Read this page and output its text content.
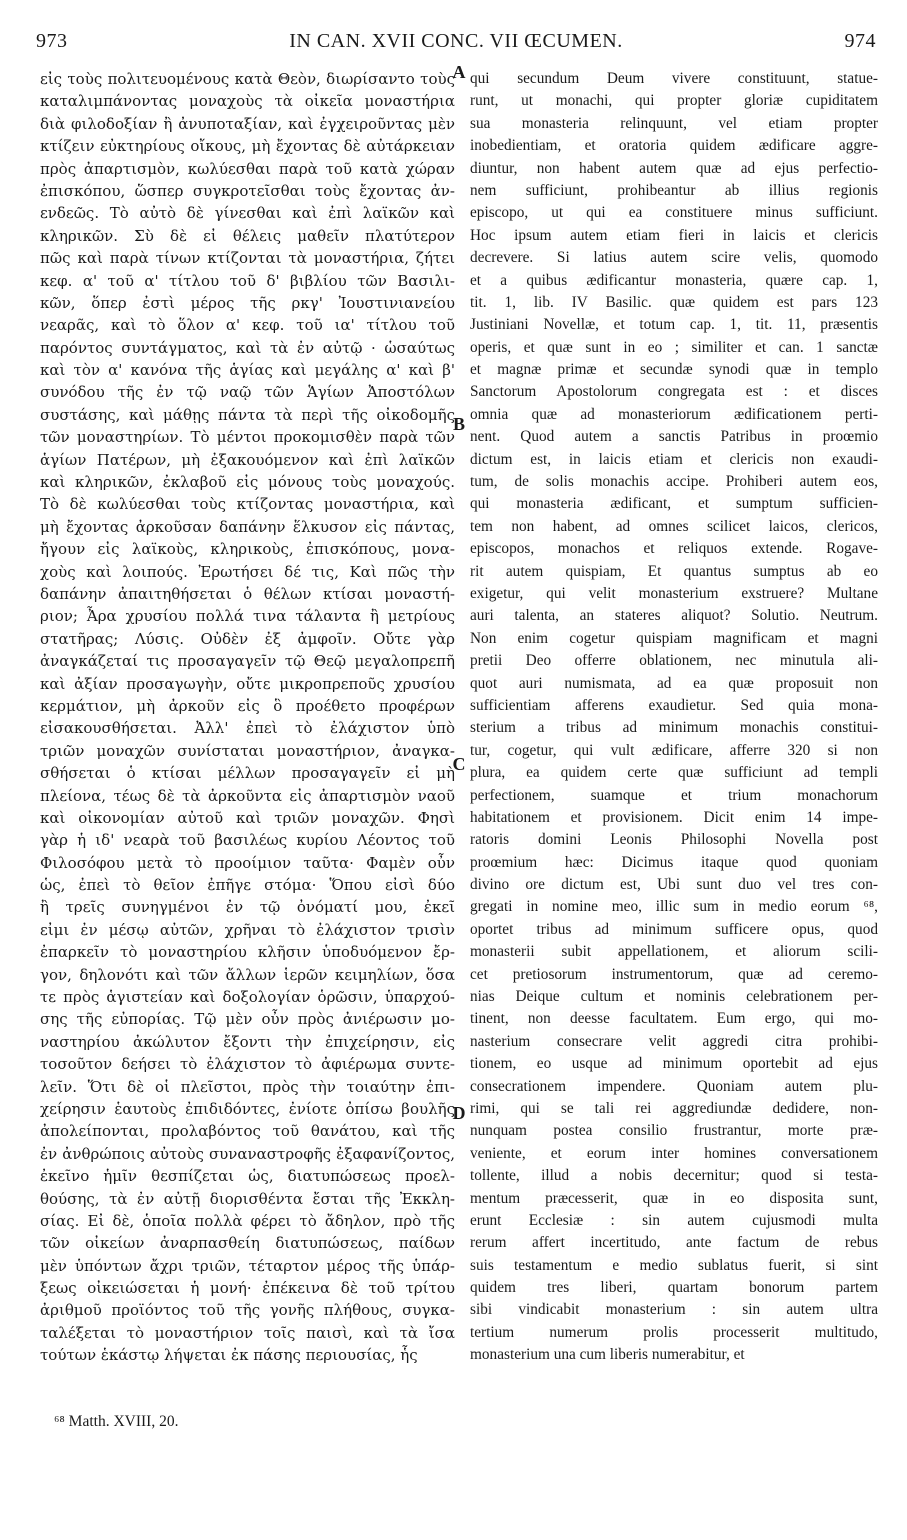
973	IN CAN. XVII CONC. VII ŒCUMEN.	974
A
B
C
D
εἰς τοὺς πολιτευομένους κατὰ Θεὸν, διωρίσαντο τοὺς
καταλιμπάνοντας μοναχοὺς τὰ οἰκεῖα μοναστήρια
διὰ φιλοδοξίαν ἢ ἀνυποταξίαν, καὶ ἐγχειροῦντας μὲν
κτίζειν εὐκτηρίους οἴκους, μὴ ἔχοντας δὲ αὐτάρκειαν
πρὸς ἀπαρτισμὸν, κωλύεσθαι παρὰ τοῦ κατὰ χώραν
ἐπισκόπου, ὥσπερ συγκροτεῖσθαι τοὺς ἔχοντας ἀν-
ενδεῶς. Τὸ αὐτὸ δὲ γίνεσθαι καὶ ἐπὶ λαϊκῶν καὶ
κληρικῶν. Σὺ δὲ εἰ θέλεις μαθεῖν πλατύτερον
πῶς καὶ παρὰ τίνων κτίζονται τὰ μοναστήρια, ζήτει
κεφ. α' τοῦ α' τίτλου τοῦ δ' βιβλίου τῶν Βασιλι-
κῶν, ὅπερ ἐστὶ μέρος τῆς ρκγ' Ἰουστινιανείου
νεαρᾶς, καὶ τὸ ὅλον α' κεφ. τοῦ ια' τίτλου τοῦ
παρόντος συντάγματος, καὶ τὰ ἐν αὐτῷ · ὡσαύτως
καὶ τὸν α' κανόνα τῆς ἁγίας καὶ μεγάλης α' καὶ β'
συνόδου τῆς ἐν τῷ ναῷ τῶν Ἁγίων Ἀποστόλων
συστάσης, καὶ μάθῃς πάντα τὰ περὶ τῆς οἰκοδομῆς
τῶν μοναστηρίων. Τὸ μέντοι προκομισθὲν παρὰ τῶν
ἁγίων Πατέρων, μὴ ἐξακουόμενον καὶ ἐπὶ λαϊκῶν
καὶ κληρικῶν, ἐκλαβοῦ εἰς μόνους τοὺς μοναχούς.
Τὸ δὲ κωλύεσθαι τοὺς κτίζοντας μοναστήρια, καὶ
μὴ ἔχοντας ἀρκοῦσαν δαπάνην ἕλκυσον εἰς πάντας,
ἤγουν εἰς λαϊκοὺς, κληρικοὺς, ἐπισκόπους, μονα-
χοὺς καὶ λοιπούς. Ἐρωτήσει δέ τις, Καὶ πῶς τὴν
δαπάνην ἀπαιτηθήσεται ὁ θέλων κτίσαι μοναστή-
ριον; Ἆρα χρυσίου πολλά τινα τάλαντα ἢ μετρίους
στατῆρας; Λύσις. Οὐδὲν ἐξ ἀμφοῖν. Οὔτε γὰρ
ἀναγκάζεταί τις προσαγαγεῖν τῷ Θεῷ μεγαλοπρεπῆ
καὶ ἀξίαν προσαγωγὴν, οὔτε μικροπρεποῦς χρυσίου
κερμάτιον, μὴ ἀρκοῦν εἰς ὃ προέθετο προφέρων
εἰσακουσθήσεται. Ἀλλ' ἐπεὶ τὸ ἐλάχιστον ὑπὸ
τριῶν μοναχῶν συνίσταται μοναστήριον, ἀναγκα-
σθήσεται ὁ κτίσαι μέλλων προσαγαγεῖν εἰ μὴ
πλείονα, τέως δὲ τὰ ἀρκοῦντα εἰς ἀπαρτισμὸν ναοῦ
καὶ οἰκονομίαν αὐτοῦ καὶ τριῶν μοναχῶν. Φησὶ
γὰρ ἡ ιδ' νεαρὰ τοῦ βασιλέως κυρίου Λέοντος τοῦ
Φιλοσόφου μετὰ τὸ προοίμιον ταῦτα· Φαμὲν οὖν
ὡς, ἐπεὶ τὸ θεῖον ἐπῆγε στόμα· Ὅπου εἰσὶ δύο
ἢ τρεῖς συνηγμένοι ἐν τῷ ὀνόματί μου, ἐκεῖ
εἰμι ἐν μέσῳ αὐτῶν, χρῆναι τὸ ἐλάχιστον τρισὶν
ἐπαρκεῖν τὸ μοναστηρίου κλῆσιν ὑποδυόμενον ἔρ-
γον, δηλονότι καὶ τῶν ἄλλων ἱερῶν κειμηλίων, ὅσα
τε πρὸς ἁγιστείαν καὶ δοξολογίαν ὁρῶσιν, ὑπαρχού-
σης τῆς εὐπορίας. Τῷ μὲν οὖν πρὸς ἀνιέρωσιν μο-
ναστηρίου ἀκώλυτον ἔξοντι τὴν ἐπιχείρησιν, εἰς
τοσοῦτον δεήσει τὸ ἐλάχιστον τὸ ἀφιέρωμα συντε-
λεῖν. Ὅτι δὲ οἱ πλεῖστοι, πρὸς τὴν τοιαύτην ἐπι-
χείρησιν ἑαυτοὺς ἐπιδιδόντες, ἐνίοτε ὀπίσω βουλῆς
ἀπολείπονται, προλαβόντος τοῦ θανάτου, καὶ τῆς
ἐν ἀνθρώποις αὐτοὺς συναναστροφῆς ἐξαφανίζοντος,
ἐκεῖνο ἡμῖν θεσπίζεται ὡς, διατυπώσεως προελ-
θούσης, τὰ ἐν αὐτῇ διορισθέντα ἔσται τῆς Ἐκκλη-
σίας. Εἰ δὲ, ὁποῖα πολλὰ φέρει τὸ ἄδηλον, πρὸ τῆς
τῶν οἰκείων ἀναρπασθείη διατυπώσεως, παίδων
μὲν ὑπόντων ἄχρι τριῶν, τέταρτον μέρος τῆς ὑπάρ-
ξεως οἰκειώσεται ἡ μονή· ἐπέκεινα δὲ τοῦ τρίτου
ἀριθμοῦ προϊόντος τοῦ τῆς γονῆς πλήθους, συγκα-
ταλέξεται τὸ μοναστήριον τοῖς παισὶ, καὶ τὰ ἴσα
τούτων ἑκάστῳ λήψεται ἐκ πάσης περιουσίας, ἧς
qui secundum Deum vivere constituunt, statue-
runt, ut monachi, qui propter gloriæ cupiditatem
sua monasteria relinquunt, vel etiam propter
inobedientiam, et oratoria quidem ædificare aggre-
diuntur, non habent autem quæ ad ejus perfectio-
nem sufficiunt, prohibeantur ab illius regionis
episcopo, ut qui ea constituere minus sufficiunt.
Hoc ipsum autem etiam fieri in laicis et clericis
decrevere. Si latius autem scire velis, quomodo
et a quibus ædificantur monasteria, quære cap. 1,
tit. 1, lib. IV Basilic. quæ quidem est pars 123
Justiniani Novellæ, et totum cap. 1, tit. 11, præsentis
operis, et quæ sunt in eo ; similiter et can. 1 sanctæ
et magnæ primæ et secundæ synodi quæ in templo
Sanctorum Apostolorum congregata est : et disces
omnia quæ ad monasteriorum ædificationem perti-
nent. Quod autem a sanctis Patribus in proœmio
dictum est, in laicis etiam et clericis non exaudi-
tum, de solis monachis accipe. Prohiberi autem eos,
qui monasteria ædificant, et sumptum sufficien-
tem non habent, ad omnes scilicet laicos, clericos,
episcopos, monachos et reliquos extende. Rogave-
rit autem quispiam, Et quantus sumptus ab eo
exigetur, qui velit monasterium exstruere? Multane
auri talenta, an stateres aliquot? Solutio. Neutrum.
Non enim cogetur quispiam magnificam et magni
pretii Deo offerre oblationem, nec minutula ali-
quot auri numismata, ad ea quæ proposuit non
sufficientiam afferens exaudietur. Sed quia mona-
sterium a tribus ad minimum monachis constitui-
tur, cogetur, qui vult ædificare, afferre 320 si non
plura, ea quidem certe quæ sufficiunt ad templi
perfectionem, suamque et trium monachorum
habitationem et provisionem. Dicit enim 14 impe-
ratoris domini Leonis Philosophi Novella post
proœmium hæc: Dicimus itaque quod quoniam
divino ore dictum est, Ubi sunt duo vel tres con-
gregati in nomine meo, illic sum in medio eorum ⁶⁸,
oportet tribus ad minimum sufficere opus, quod
monasterii subit appellationem, et aliorum scili-
cet pretiosorum instrumentorum, quæ ad ceremo-
nias Deique cultum et nominis celebrationem per-
tinent, non deesse facultatem. Eum ergo, qui mo-
nasterium consecrare velit aggredi citra prohibi-
tionem, eo usque ad minimum oportebit ad ejus
consecrationem impendere. Quoniam autem plu-
rimi, qui se tali rei aggrediundæ dedidere, non-
nunquam postea consilio frustrantur, morte præ-
veniente, et eorum inter homines conversationem
tollente, illud a nobis decernitur; quod si testa-
mentum præcesserit, quæ in eo disposita sunt,
erunt Ecclesiæ : sin autem cujusmodi multa
rerum affert incertitudo, ante factum de rebus
suis testamentum e medio sublatus fuerit, si sint
quidem tres liberi, quartam bonorum partem
sibi vindicabit monasterium : sin autem ultra
tertium numerum prolis processerit multitudo,
monasterium una cum liberis numerabitur, et
⁶⁸ Matth. XVIII, 20.
